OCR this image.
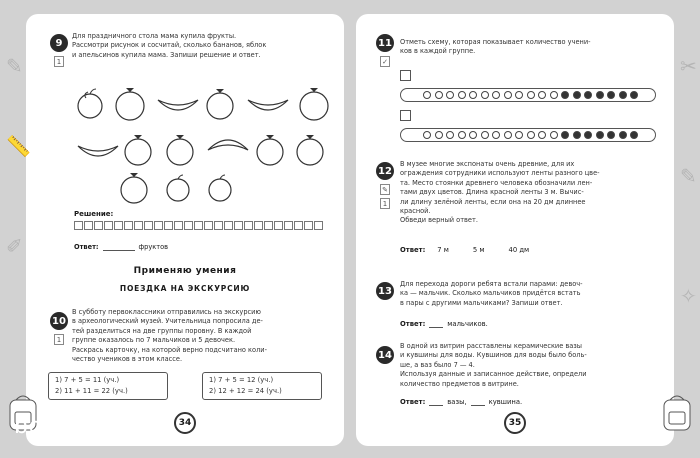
✎
📏
✐
9
1
Для праздничного стола мама купила фрукты.
Рассмотри рисунок и сосчитай, сколько бананов, яблок
и апельсинов купила мама. Запиши решение и ответ.
Решение:
Ответ:	фруктов
Применяю умения
ПОЕЗДКА НА ЭКСКУРСИЮ
10
1
В субботу первоклассники отправились на экскурсию
в археологический музей. Учительница попросила де-
тей разделиться на две группы поровну. В каждой
группе оказалось по 7 мальчиков и 5 девочек.
Раскрась карточку, на которой верно подсчитано коли-
чество учеников в этом классе.
1) 7 + 5 = 11 (уч.)
2) 11 + 11 = 22 (уч.)
1) 7 + 5 = 12 (уч.)
2) 12 + 12 = 24 (уч.)
34
✂
✎
✧
11
✓
Отметь схему, которая показывает количество учени-
ков в каждой группе.
12
✎
1
В музее многие экспонаты очень древние, для их
ограждения сотрудники используют ленты разного цве-
та. Место стоянки древнего человека обозначили лен-
тами двух цветов. Длина красной ленты 3 м. Вычис-
ли длину зелёной ленты, если она на 20 дм длиннее
красной.
Обведи верный ответ.
Ответ: 7 м	5 м	40 дм
13
Для перехода дороги ребята встали парами: девоч-
ка — мальчик. Сколько мальчиков придётся встать
в пары с другими мальчиками? Запиши ответ.
Ответ:	мальчиков.
14
В одной из витрин расставлены керамические вазы
и кувшины для воды. Кувшинов для воды было боль-
ше, а ваз было 7 — 4.
Используя данные и записанное действие, определи
количество предметов в витрине.
Ответ:	вазы,	кувшина.
35
bookclub.by
